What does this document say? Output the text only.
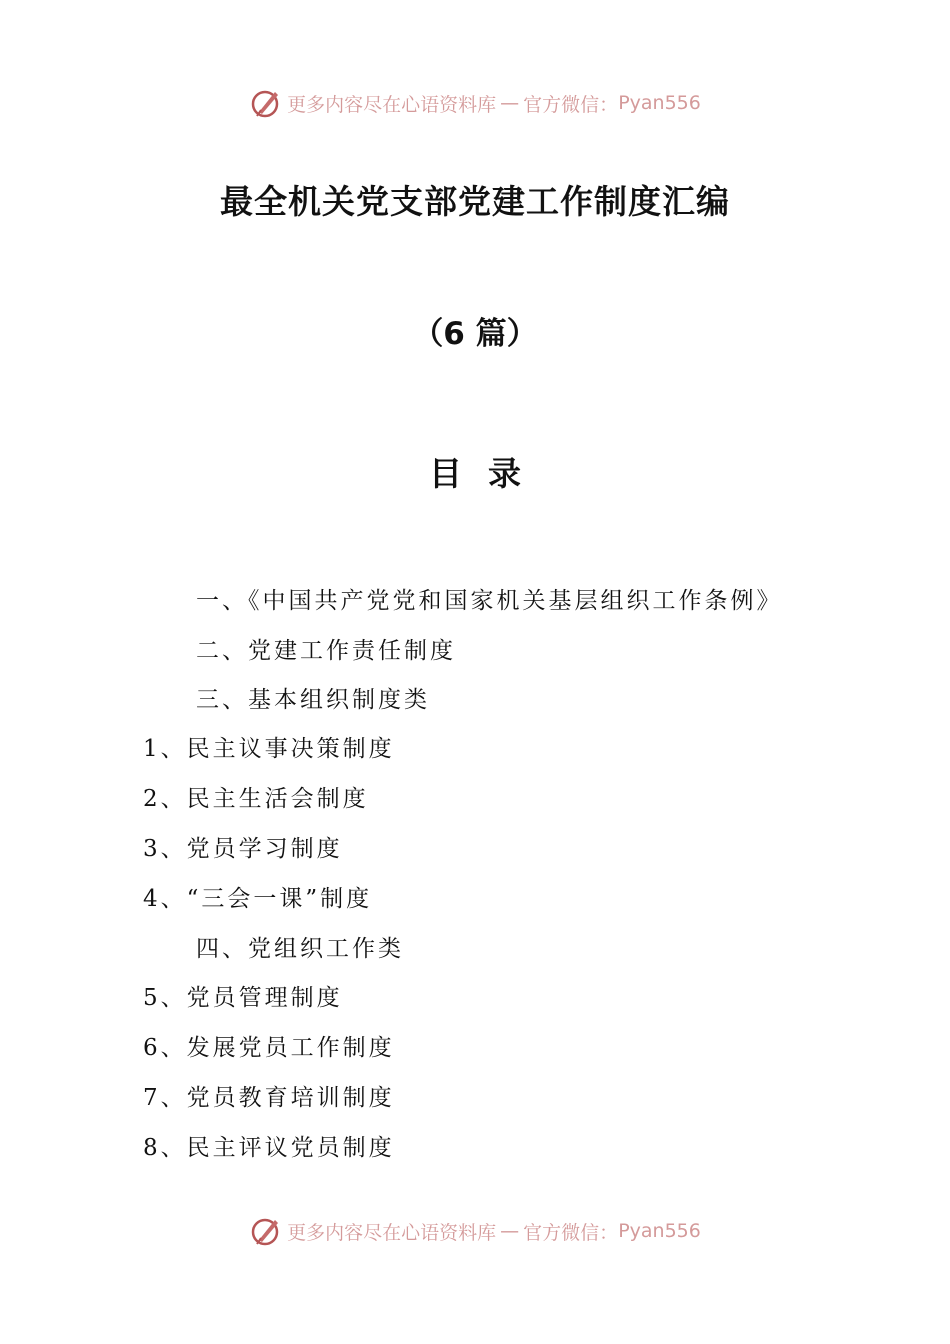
更多内容尽在心语资料库 — 官方微信： Pyan556
最全机关党支部党建工作制度汇编
（6 篇）
目录
一、《中国共产党党和国家机关基层组织工作条例》
二、党建工作责任制度
三、基本组织制度类
1、民主议事决策制度
2、民主生活会制度
3、党员学习制度
4、“三会一课”制度
四、党组织工作类
5、党员管理制度
6、发展党员工作制度
7、党员教育培训制度
8、民主评议党员制度
更多内容尽在心语资料库 — 官方微信： Pyan556
